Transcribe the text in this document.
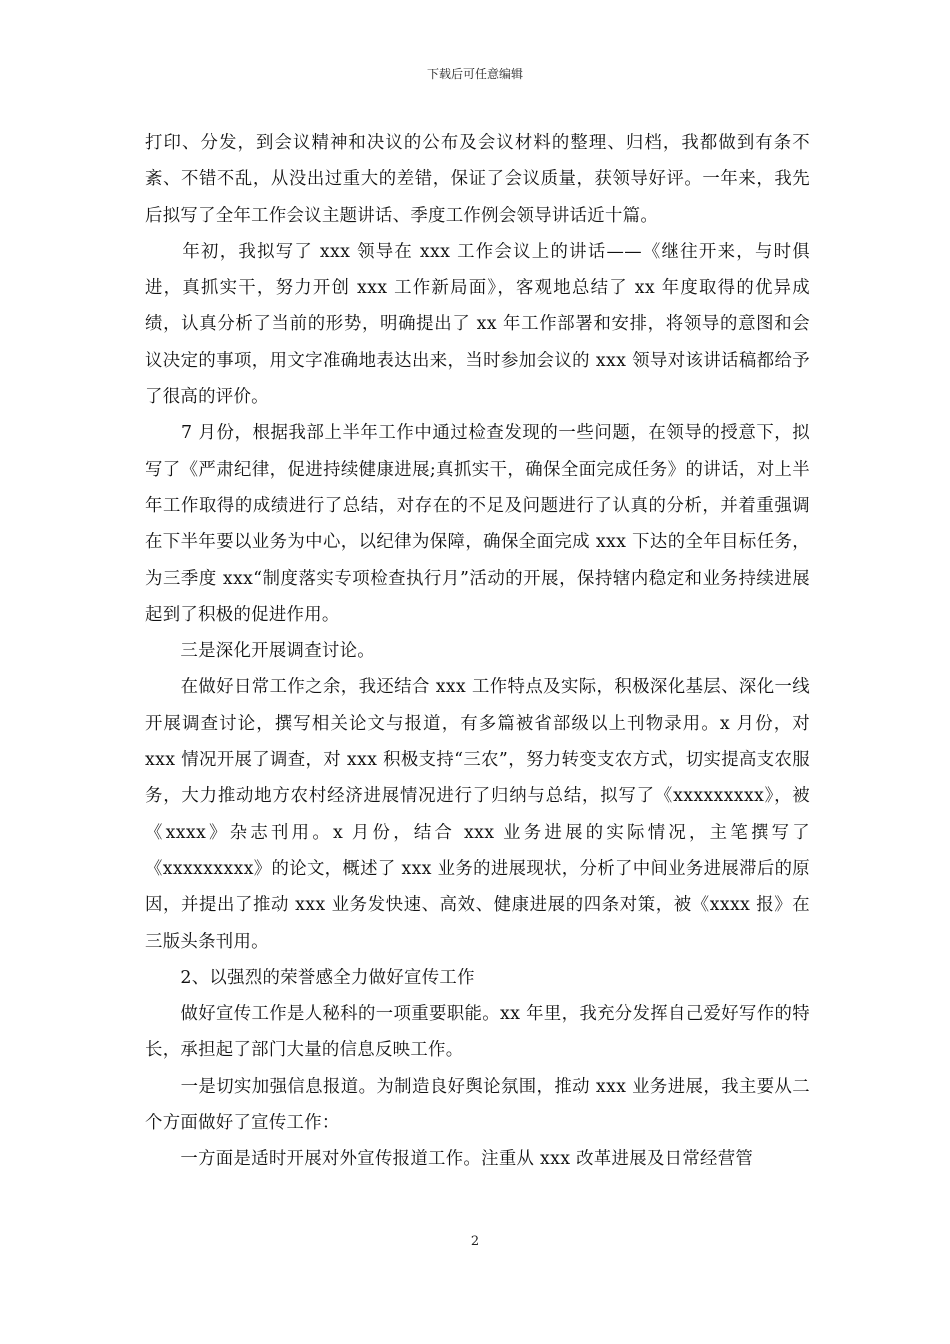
下载后可任意编辑

打印、分发，到会议精神和决议的公布及会议材料的整理、归档，我都做到有条不紊、不错不乱，从没出过重大的差错，保证了会议质量，获领导好评。一年来，我先后拟写了全年工作会议主题讲话、季度工作例会领导讲话近十篇。

　　年初，我拟写了 xxx 领导在 xxx 工作会议上的讲话——《继往开来，与时俱进，真抓实干，努力开创 xxx 工作新局面》，客观地总结了 xx 年度取得的优异成绩，认真分析了当前的形势，明确提出了 xx 年工作部署和安排，将领导的意图和会议决定的事项，用文字准确地表达出来，当时参加会议的 xxx 领导对该讲话稿都给予了很高的评价。

　　7 月份，根据我部上半年工作中通过检查发现的一些问题，在领导的授意下，拟写了《严肃纪律，促进持续健康进展;真抓实干，确保全面完成任务》的讲话，对上半年工作取得的成绩进行了总结，对存在的不足及问题进行了认真的分析，并着重强调在下半年要以业务为中心，以纪律为保障，确保全面完成 xxx 下达的全年目标任务，为三季度 xxx“制度落实专项检查执行月”活动的开展，保持辖内稳定和业务持续进展起到了积极的促进作用。

　　三是深化开展调查讨论。

　　在做好日常工作之余，我还结合 xxx 工作特点及实际，积极深化基层、深化一线开展调查讨论，撰写相关论文与报道，有多篇被省部级以上刊物录用。x 月份，对 xxx 情况开展了调查，对 xxx 积极支持“三农”，努力转变支农方式，切实提高支农服务，大力推动地方农村经济进展情况进行了归纳与总结，拟写了《xxxxxxxxx》，被《xxxx》杂志刊用。x 月份，结合 xxx 业务进展的实际情况，主笔撰写了《xxxxxxxxx》的论文，概述了 xxx 业务的进展现状，分析了中间业务进展滞后的原因，并提出了推动 xxx 业务发快速、高效、健康进展的四条对策，被《xxxx 报》在三版头条刊用。

　　2、以强烈的荣誉感全力做好宣传工作

　　做好宣传工作是人秘科的一项重要职能。xx 年里，我充分发挥自己爱好写作的特长，承担起了部门大量的信息反映工作。

　　一是切实加强信息报道。为制造良好舆论氛围，推动 xxx 业务进展，我主要从二个方面做好了宣传工作：

　　一方面是适时开展对外宣传报道工作。注重从 xxx 改革进展及日常经营管

2
